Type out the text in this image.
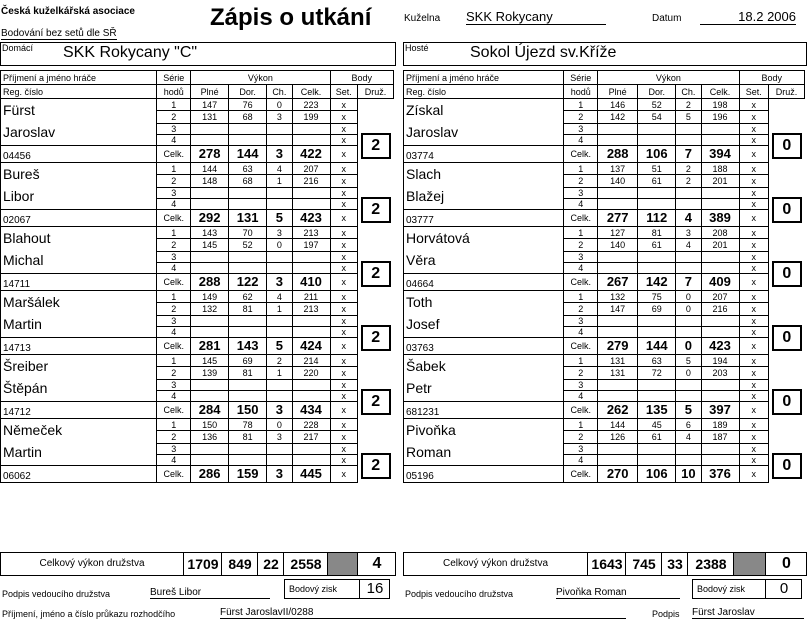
Česká kuželkářská asociace
Bodování bez setů dle SŘ
Zápis o utkání	Kuželna SKK Rokycany	Datum	18.2 2006
Domácí SKK Rokycany "C"	Hosté	Sokol Újezd sv.Kříže
Příjmení a jméno hráče	Série	Výkon				Body	
Reg. číslo	hodů	Plné	Dor.	Ch.	Celk.	Set.	Druž.
Fürst	1	147	76	0	223	x	2
	2	131	68	3	199	x	
Jaroslav	3					x	
	4					x	
04456	Celk.	278	144	3	422	x	
Bureš	1	144	63	4	207	x	2
	2	148	68	1	216	x	
Libor	3					x	
	4					x	
02067	Celk.	292	131	5	423	x	
Blahout	1	143	70	3	213	x	2
	2	145	52	0	197	x	
Michal	3					x	
	4					x	
14711	Celk.	288	122	3	410	x	
Maršálek	1	149	62	4	211	x	2
	2	132	81	1	213	x	
Martin	3					x	
	4					x	
14713	Celk.	281	143	5	424	x	
Šreiber	1	145	69	2	214	x	2
	2	139	81	1	220	x	
Štěpán	3					x	
	4					x	
14712	Celk.	284	150	3	434	x	
Němeček	1	150	78	0	228	x	2
	2	136	81	3	217	x	
Martin	3					x	
	4					x	
06062	Celk.	286	159	3	445	x	
Příjmení a jméno hráče	Série	Výkon				Body	
Reg. číslo	hodů	Plné	Dor.	Ch.	Celk.	Set.	Druž.
Získal	1	146	52	2	198	x	0
	2	142	54	5	196	x	
Jaroslav	3					x	
	4					x	
03774	Celk.	288	106	7	394	x	
Slach	1	137	51	2	188	x	0
	2	140	61	2	201	x	
Blažej	3					x	
	4					x	
03777	Celk.	277	112	4	389	x	
Horvátová	1	127	81	3	208	x	0
	2	140	61	4	201	x	
Věra	3					x	
	4					x	
04664	Celk.	267	142	7	409	x	
Toth	1	132	75	0	207	x	0
	2	147	69	0	216	x	
Josef	3					x	
	4					x	
03763	Celk.	279	144	0	423	x	
Šabek	1	131	63	5	194	x	0
	2	131	72	0	203	x	
Petr	3					x	
	4					x	
681231	Celk.	262	135	5	397	x	
Pivoňka	1	144	45	6	189	x	0
	2	126	61	4	187	x	
Roman	3					x	
	4					x	
05196	Celk.	270	106	10	376	x	
Celkový výkon družstva	1709 849 22 2558	4	Celkový výkon družstva	1643 745 33 2388	0
Podpis vedoucího družstva	Bureš Libor	Bodový zisk	16	Podpis vedoucího družstva	Pivoňka Roman	Bodový zisk	0
Příjmení, jméno a číslo průkazu rozhodčího	Fürst JaroslavII/0288	Podpis Fürst Jaroslav
